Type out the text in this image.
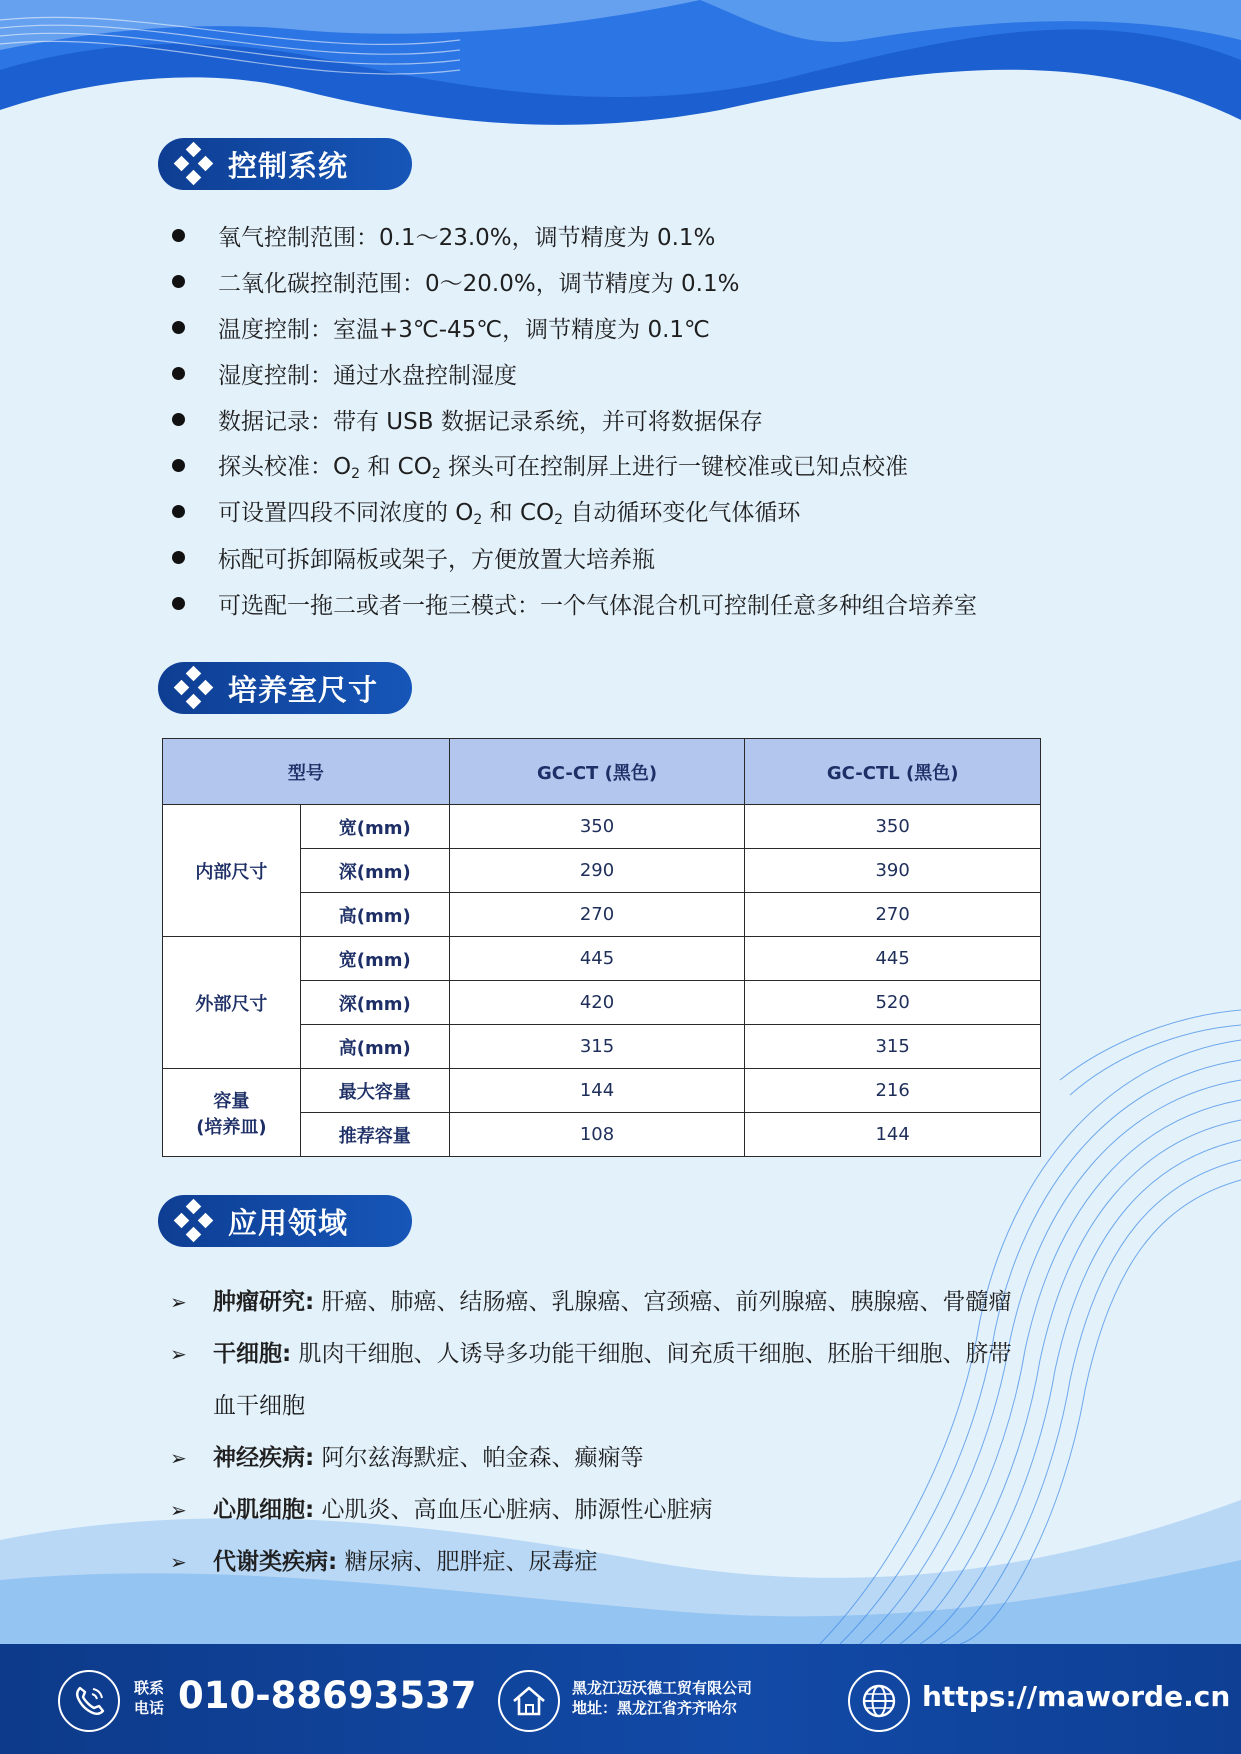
控制系统
氧气控制范围：0.1～23.0%，调节精度为 0.1%
二氧化碳控制范围：0～20.0%，调节精度为 0.1%
温度控制：室温+3℃-45℃，调节精度为 0.1℃
湿度控制：通过水盘控制湿度
数据记录：带有 USB 数据记录系统，并可将数据保存
探头校准：$O_2$ 和 $CO_2$ 探头可在控制屏上进行一键校准或已知点校准
可设置四段不同浓度的 $O_2$ 和 $CO_2$ 自动循环变化气体循环
标配可拆卸隔板或架子，方便放置大培养瓶
可选配一拖二或者一拖三模式：一个气体混合机可控制任意多种组合培养室
培养室尺寸
型号		GC-CT (黑色)	GC-CTL (黑色)
内部尺寸	宽(mm)	350	350
	深(mm)	290	390
	高(mm)	270	270
外部尺寸	宽(mm)	445	445
	深(mm)	420	520
	高(mm)	315	315

容量
(培养皿)	最大容量	144	216
	推荐容量	108	144
应用领域
➢	肿瘤研究: 肝癌、肺癌、结肠癌、乳腺癌、宫颈癌、前列腺癌、胰腺癌、骨髓瘤
➢	干细胞: 肌肉干细胞、人诱导多功能干细胞、间充质干细胞、胚胎干细胞、脐带
血干细胞
➢	神经疾病: 阿尔兹海默症、帕金森、癫痫等
➢	心肌细胞: 心肌炎、高血压心脏病、肺源性心脏病
➢	代谢类疾病: 糖尿病、肥胖症、尿毒症
联系
电话 010-88693537	黑龙江迈沃德工贸有限公司
地址：黑龙江省齐齐哈尔	https://maworde.cn
